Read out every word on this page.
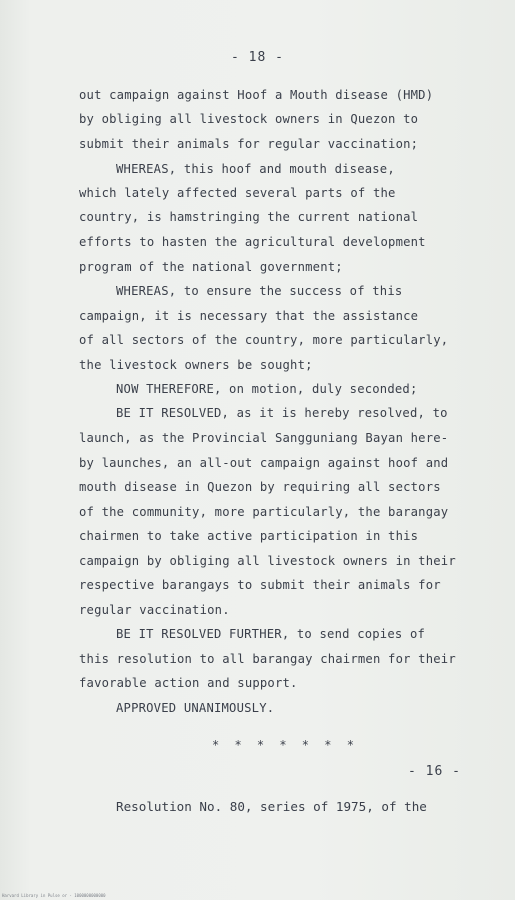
- 18 -
out campaign against Hoof a Mouth disease (HMD)
by obliging all livestock owners in Quezon to
submit their animals for regular vaccination;
WHEREAS, this hoof and mouth disease,
which lately affected several parts of the
country, is hamstringing the current national
efforts to hasten the agricultural development
program of the national government;
WHEREAS, to ensure the success of this
campaign, it is necessary that the assistance
of all sectors of the country, more particularly,
the livestock owners be sought;
NOW THEREFORE, on motion, duly seconded;
BE IT RESOLVED, as it is hereby resolved, to
launch, as the Provincial Sangguniang Bayan here-
by launches, an all-out campaign against hoof and
mouth disease in Quezon by requiring all sectors
of the community, more particularly, the barangay
chairmen to take active participation in this
campaign by obliging all livestock owners in their
respective barangays to submit their animals for
regular vaccination.
BE IT RESOLVED FURTHER, to send copies of
this resolution to all barangay chairmen for their
favorable action and support.
APPROVED UNANIMOUSLY.
* * * * * * *
- 16 -
Resolution No. 80, series of 1975, of the
Harvard Library in Pulse or - 1000000000000
